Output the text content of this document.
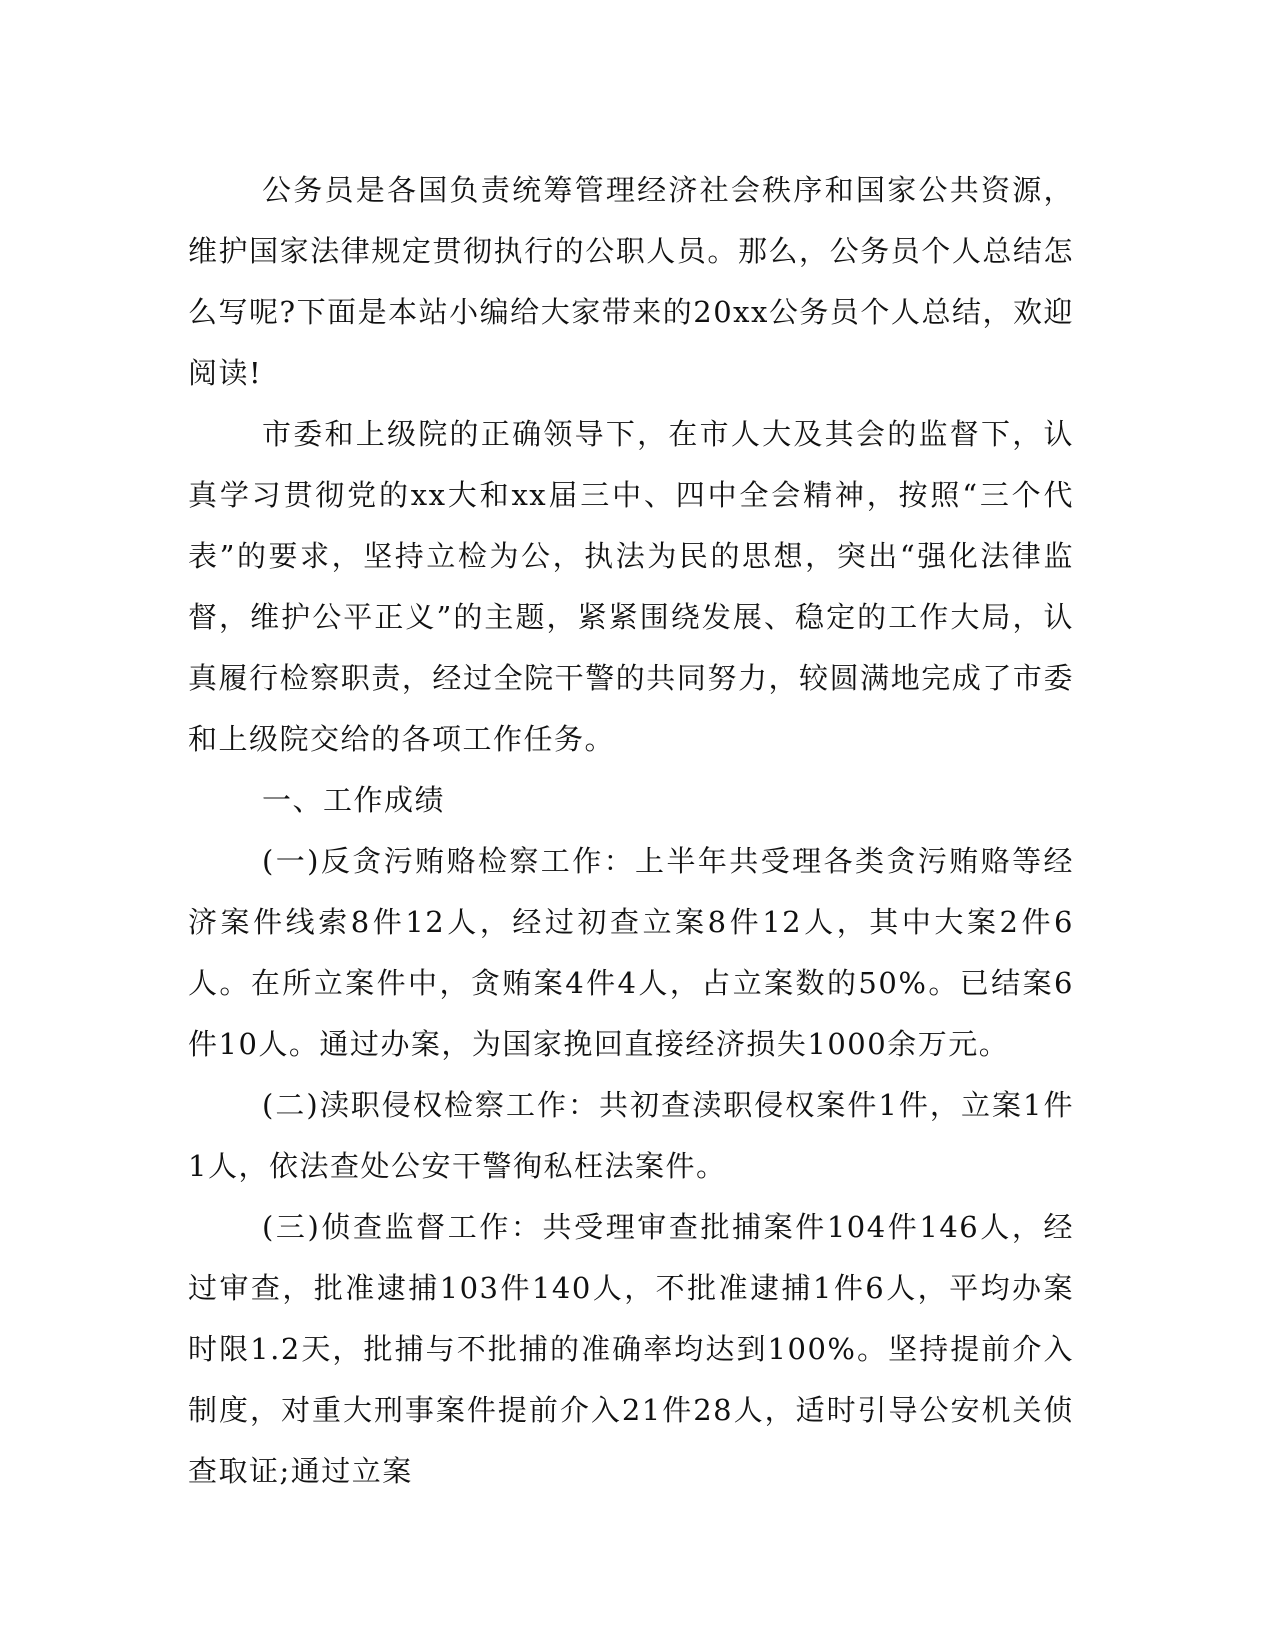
公务员是各国负责统筹管理经济社会秩序和国家公共资源，维护国家法律规定贯彻执行的公职人员。那么，公务员个人总结怎么写呢?下面是本站小编给大家带来的20xx公务员个人总结，欢迎阅读!

市委和上级院的正确领导下，在市人大及其会的监督下，认真学习贯彻党的xx大和xx届三中、四中全会精神，按照“三个代表”的要求，坚持立检为公，执法为民的思想，突出“强化法律监督，维护公平正义”的主题，紧紧围绕发展、稳定的工作大局，认真履行检察职责，经过全院干警的共同努力，较圆满地完成了市委和上级院交给的各项工作任务。

一、工作成绩

(一)反贪污贿赂检察工作：上半年共受理各类贪污贿赂等经济案件线索8件12人，经过初查立案8件12人，其中大案2件6人。在所立案件中，贪贿案4件4人，占立案数的50%。已结案6件10人。通过办案，为国家挽回直接经济损失1000余万元。

(二)渎职侵权检察工作：共初查渎职侵权案件1件，立案1件1人，依法查处公安干警徇私枉法案件。

(三)侦查监督工作：共受理审查批捕案件104件146人，经过审查，批准逮捕103件140人，不批准逮捕1件6人，平均办案时限1.2天，批捕与不批捕的准确率均达到100%。坚持提前介入制度，对重大刑事案件提前介入21件28人，适时引导公安机关侦查取证;通过立案
